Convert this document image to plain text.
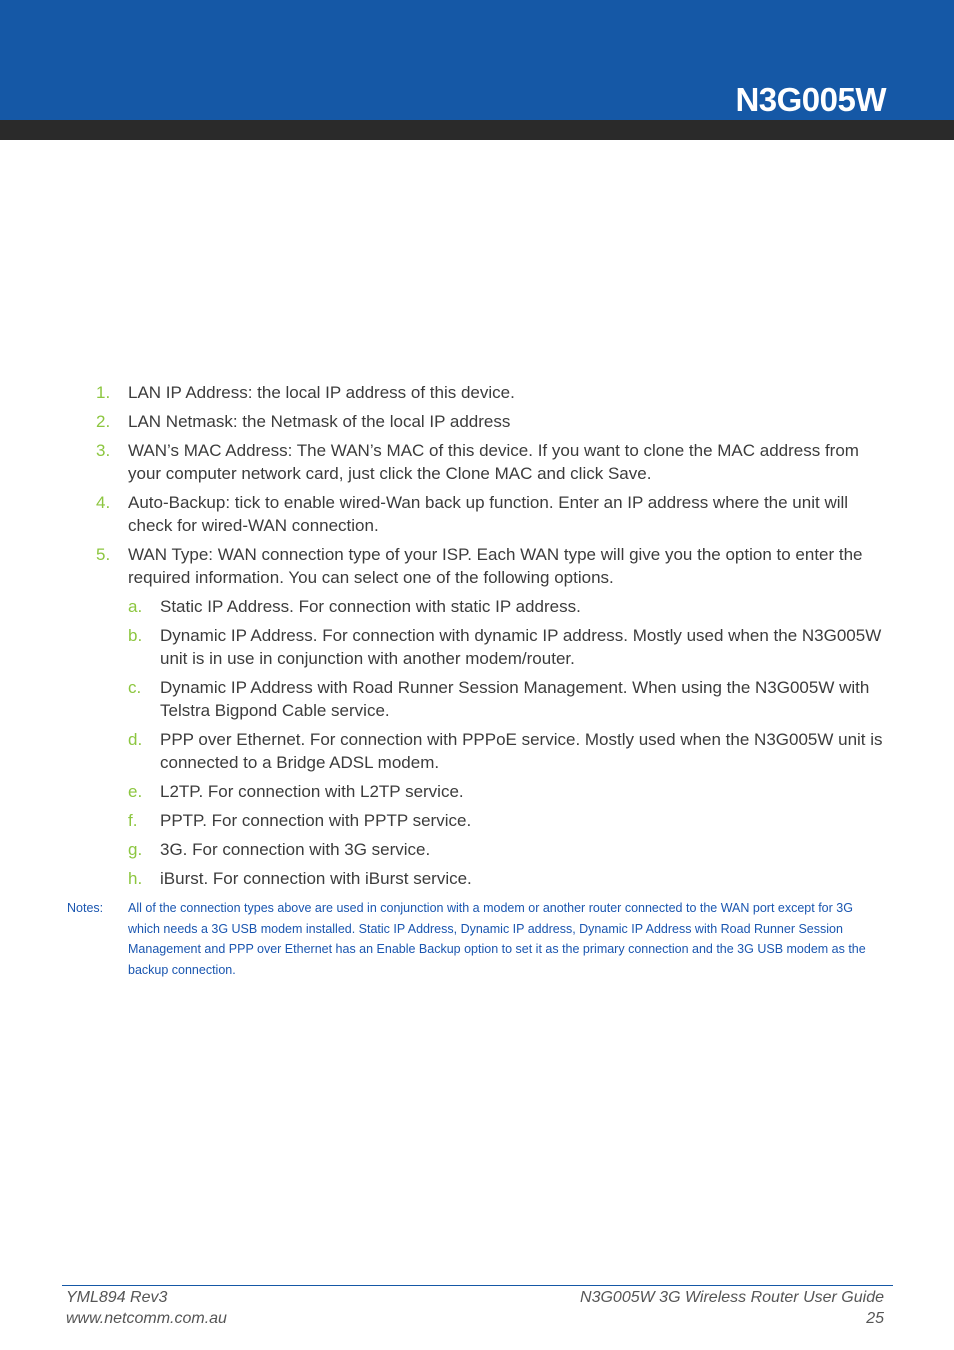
N3G005W
1. LAN IP Address: the local IP address of this device.
2. LAN Netmask: the Netmask of the local IP address
3. WAN’s MAC Address: The WAN’s MAC of this device. If you want to clone the MAC address from your computer network card, just click the Clone MAC and click Save.
4. Auto-Backup: tick to enable wired-Wan back up function. Enter an IP address where the unit will check for wired-WAN connection.
5. WAN Type: WAN connection type of your ISP. Each WAN type will give you the option to enter the required information. You can select one of the following options.
a. Static IP Address. For connection with static IP address.
b. Dynamic IP Address. For connection with dynamic IP address. Mostly used when the N3G005W unit is in use in conjunction with another modem/router.
c. Dynamic IP Address with Road Runner Session Management. When using the N3G005W with Telstra Bigpond Cable service.
d. PPP over Ethernet. For connection with PPPoE service. Mostly used when the N3G005W unit is connected to a Bridge ADSL modem.
e. L2TP. For connection with L2TP service.
f. PPTP. For connection with PPTP service.
g. 3G. For connection with 3G service.
h. iBurst. For connection with iBurst service.
Notes: All of the connection types above are used in conjunction with a modem or another router connected to the WAN port except for 3G which needs a 3G USB modem installed. Static IP Address, Dynamic IP address, Dynamic IP Address with Road Runner Session Management and PPP over Ethernet has an Enable Backup option to set it as the primary connection and the 3G USB modem as the backup connection.
YML894 Rev3
www.netcomm.com.au
N3G005W 3G Wireless Router User Guide
25
